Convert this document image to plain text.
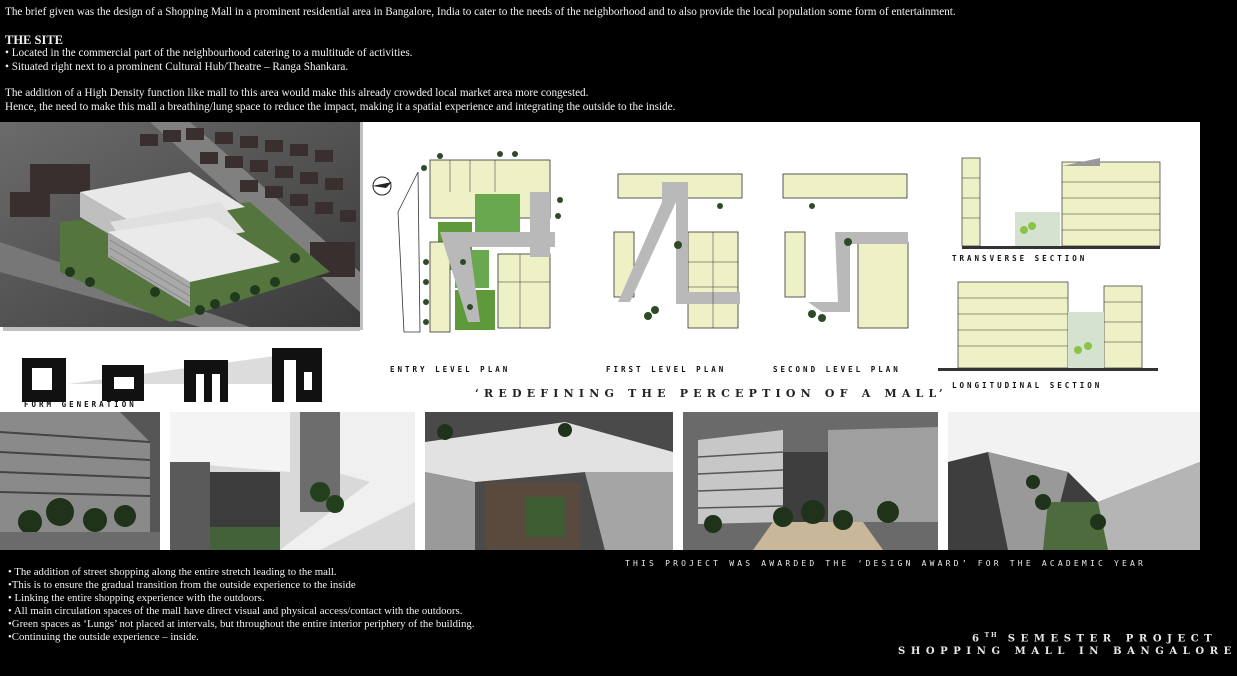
The brief given was the design of a Shopping Mall in a prominent residential area in Bangalore, India to cater to the needs of the neighborhood and to also provide the local population some form of entertainment.
THE SITE
• Located in the commercial part of the neighbourhood catering to a multitude of activities.
• Situated right next to a prominent Cultural Hub/Theatre – Ranga Shankara.
The addition of a High Density function like mall to this area would make this already crowded local market area more congested.
Hence, the need to make this mall a breathing/lung space to reduce the impact, making it a spatial experience and integrating the outside to the inside.
ENTRY LEVEL PLAN	FIRST LEVEL PLAN	SECOND LEVEL PLAN
TRANSVERSE SECTION
LONGITUDINAL SECTION
FORM GENERATION
‘REDEFINING THE PERCEPTION OF A MALL’
THIS PROJECT WAS AWARDED THE ‘DESIGN AWARD’ FOR THE ACADEMIC YEAR
• The addition of street shopping along the entire stretch leading to the mall.
•This is to ensure the gradual transition from the outside experience to the inside
• Linking the entire shopping experience with the outdoors.
• All main circulation spaces of the mall have direct visual and physical access/contact with the outdoors.
•Green spaces as ‘Lungs’ not placed at intervals, but throughout the entire interior periphery of the building.
•Continuing the outside experience – inside.	6TH SEMESTER PROJECT
SHOPPING MALL IN BANGALORE
